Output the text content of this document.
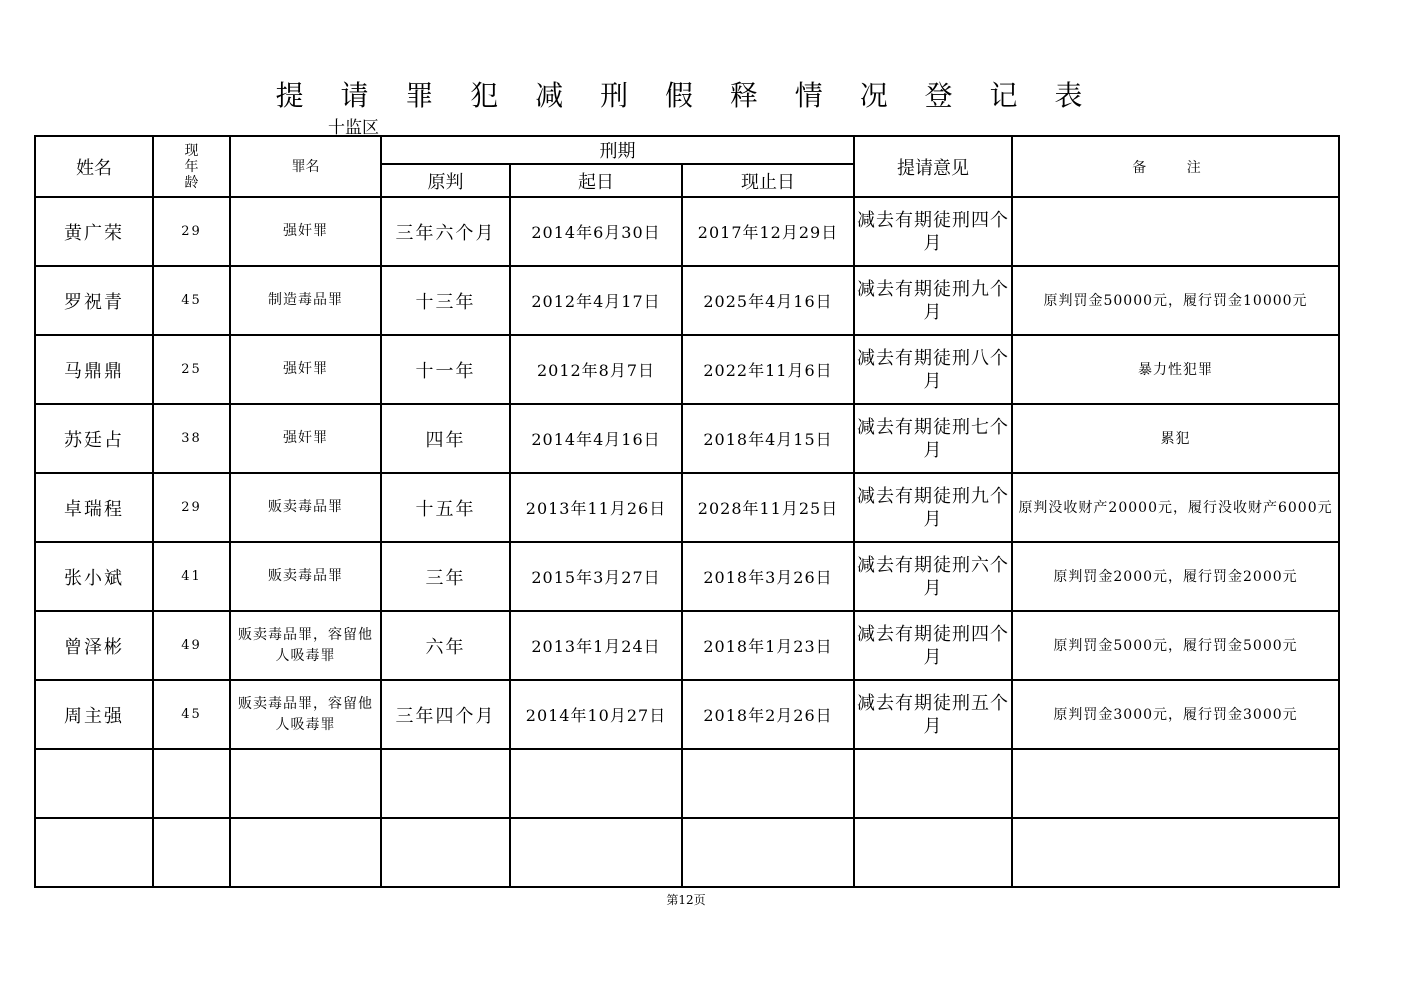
提 请 罪 犯 减 刑 假 释 情 况 登 记 表
十监区
姓名	现年龄	罪名	刑期			提请意见	备 注
			原判	起日	现止日		
黄广荣	29	强奸罪	三年六个月	2014年6月30日	2017年12月29日	减去有期徒刑四个月	
罗祝青	45	制造毒品罪	十三年	2012年4月17日	2025年4月16日	减去有期徒刑九个月	原判罚金50000元，履行罚金10000元
马鼎鼎	25	强奸罪	十一年	2012年8月7日	2022年11月6日	减去有期徒刑八个月	暴力性犯罪
苏廷占	38	强奸罪	四年	2014年4月16日	2018年4月15日	减去有期徒刑七个月	累犯
卓瑞程	29	贩卖毒品罪	十五年	2013年11月26日	2028年11月25日	减去有期徒刑九个月	原判没收财产20000元，履行没收财产6000元
张小斌	41	贩卖毒品罪	三年	2015年3月27日	2018年3月26日	减去有期徒刑六个月	原判罚金2000元，履行罚金2000元
曾泽彬	49	贩卖毒品罪，容留他人吸毒罪	六年	2013年1月24日	2018年1月23日	减去有期徒刑四个月	原判罚金5000元，履行罚金5000元
周主强	45	贩卖毒品罪，容留他人吸毒罪	三年四个月	2014年10月27日	2018年2月26日	减去有期徒刑五个月	原判罚金3000元，履行罚金3000元

第12页
